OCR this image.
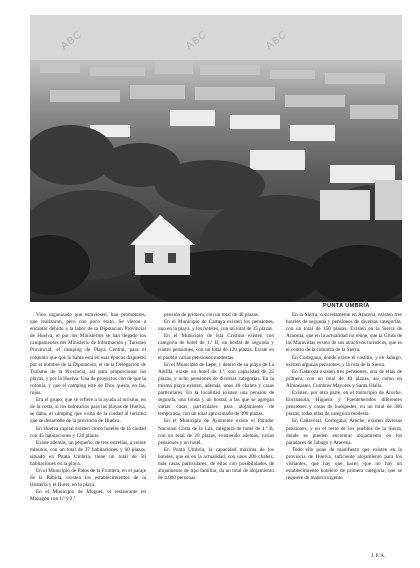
ABC	ABC	ABC
PUNTA UMBRIA

Vino organizado que estuviesen, han promotores, que realizaron, pero con poco éxito. Se vieron a encantar debido a la labor de la Diputación Provincial de Huelva, el por los Ministerios se han llegado los campamentos del Ministerio de Información y Turismo Provincial, el camping de Playa Central, para el conjunto que que la bahía está en esas épocas dispuesto por el nombre de la Diputación, el de la Delegación de Turismo de la Provincia, así para proporcionar las playas, y por la Huelva. Una de proyectos con de que la colonia, y que el camping esté de Dios queda, en las, rojos.

Era el grupo, que se refiere a la ayuda al turismo, en de la costa, si los balnearios para las playas de Huelva, se daba, el camping que visita de la ciudad al turismo que se desarrolle de la provincia de Huelva.

En Huelva capital existen cinco hoteles de la ciudad con 45 habitaciones y 120 plazas.

Existe además, un pequeño, de tres estrellas, a veinte minutos, con un total de 37 habitaciones y 60 plazas, situado en Punta Umbría, tiene un total de 50 habitaciones en la playa.

En el Municipio de Palos de la Frontera, en el paraje de la Rábida, existen los establecimientos de la Hostería y el Hotel, en la playa.

En el Municipio de Moguer, el restaurante en Mazagón con 1.ª y 2.ª

pensión de primera, con un total de 40 plazas.

En el Municipio de Cartaya existen los pensiones, uno en la playa, y los hoteles, con un total de 35 plazas.

En el Municipio de Isla Cristina existen con categoría de hotel de 1.ª B, un hostal de segunda y cuatro pensiones, con un total de 120 plazas. Existe en el pueblo varias pensiones modestas.

En el Municipio de Lepe, y dentro de su playa de La Antilla, existe un hotel de 1.ª, con capacidad de 22 plazas, y ocho pensiones de diversas categorías. En la misma playa existen, además, unos 40 chalets y casas particulares. En la localidad existen una pensión de segunda, una fonda y un hostal, a las que se agregan varias casas particulares para alojamiento de temporada, con un total aproximado de 300 plazas.

En el Municipio de Ayamonte existe el Parador Nacional Costa de la Luz, categoría de hotel de 1.ª B, con un total de 20 plazas, existiendo además, varias pensiones y un hotel.

En Punta Umbría, la capacidad máxima de los hoteles, que es en la actualidad, con unos 200 chalets, más casas particulares, de ellas con posibilidades de alojamiento de tipo familiar, da un total de alojamiento de 4.000 personas.

En la Sierra, concretamente en Aracena, existen tres hoteles de segunda y pensiones de diversas categorías, con un total de 150 plazas. Existen en la Sierra de Aracena, que en la actualidad no reúne, que la Gruta de las Maravillas es uno de sus atractivos turísticos, que es el centro de la comarca de la Sierra.

En Cortegana, donde existe el castillo, y en Jabugo, existen algunas pensiones, y la ruta de la Sierra.

En Galaroza existen tres pensiones, una de ellas de primera, con un total de 40 plazas, así como en Almonaster, Cumbres Mayores y Santa Olalla.

Existen, por otra parte, en el municipio de Aroche, Encinasola, Higuera y Fuenteheridos diferentes pensiones y casas de huéspedes, en un total de 300 plazas, todas ellas de categoría modesta.

En Cañaveral, Cortegana, Aroche, existen diversas pensiones, y en el resto de los pueblos de la Sierra, donde se pueden encontrar alojamiento en los paradores de Jabugo y Aracena.

Todo ello pone de manifiesto que existen en la provincia de Huelva, suficiente alojamiento para los visitantes, que hay que hacer, que no hay un establecimiento hotelero de primera categoría, que se requiere de manera urgente.

J. P. A.
